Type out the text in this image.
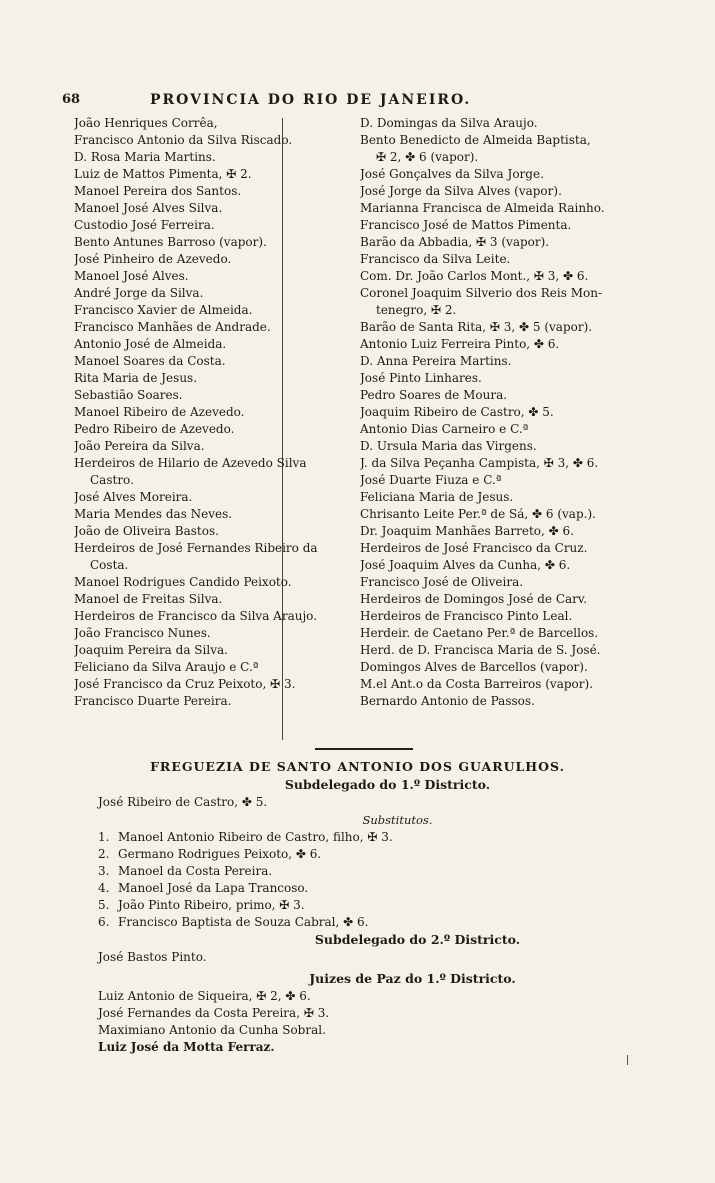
68	PROVINCIA DO RIO DE JANEIRO.
João Henriques Corrêa,
Francisco Antonio da Silva Riscado.
D. Rosa Maria Martins.
Luiz de Mattos Pimenta, ✠ 2.
Manoel Pereira dos Santos.
Manoel José Alves Silva.
Custodio José Ferreira.
Bento Antunes Barroso (vapor).
José Pinheiro de Azevedo.
Manoel José Alves.
André Jorge da Silva.
Francisco Xavier de Almeida.
Francisco Manhães de Andrade.
Antonio José de Almeida.
Manoel Soares da Costa.
Rita Maria de Jesus.
Sebastião Soares.
Manoel Ribeiro de Azevedo.
Pedro Ribeiro de Azevedo.
João Pereira da Silva.
Herdeiros de Hilario de Azevedo Silva
Castro.
José Alves Moreira.
Maria Mendes das Neves.
João de Oliveira Bastos.
Herdeiros de José Fernandes Ribeiro da
Costa.
Manoel Rodrigues Candido Peixoto.
Manoel de Freitas Silva.
Herdeiros de Francisco da Silva Araujo.
João Francisco Nunes.
Joaquim Pereira da Silva.
Feliciano da Silva Araujo e C.ª
José Francisco da Cruz Peixoto, ✠ 3.
Francisco Duarte Pereira.
D. Domingas da Silva Araujo.
Bento Benedicto de Almeida Baptista,
✠ 2, ✤ 6 (vapor).
José Gonçalves da Silva Jorge.
José Jorge da Silva Alves (vapor).
Marianna Francisca de Almeida Rainho.
Francisco José de Mattos Pimenta.
Barão da Abbadia, ✠ 3 (vapor).
Francisco da Silva Leite.
Com. Dr. João Carlos Mont., ✠ 3, ✤ 6.
Coronel Joaquim Silverio dos Reis Mon-
tenegro, ✠ 2.
Barão de Santa Rita, ✠ 3, ✤ 5 (vapor).
Antonio Luiz Ferreira Pinto, ✤ 6.
D. Anna Pereira Martins.
José Pinto Linhares.
Pedro Soares de Moura.
Joaquim Ribeiro de Castro, ✤ 5.
Antonio Dias Carneiro e C.ª
D. Ursula Maria das Virgens.
J. da Silva Peçanha Campista, ✠ 3, ✤ 6.
José Duarte Fiuza e C.ª
Feliciana Maria de Jesus.
Chrisanto Leite Per.ª de Sá, ✤ 6 (vap.).
Dr. Joaquim Manhães Barreto, ✤ 6.
Herdeiros de José Francisco da Cruz.
José Joaquim Alves da Cunha, ✤ 6.
Francisco José de Oliveira.
Herdeiros de Domingos José de Carv.
Herdeiros de Francisco Pinto Leal.
Herdeir. de Caetano Per.ª de Barcellos.
Herd. de D. Francisca Maria de S. José.
Domingos Alves de Barcellos (vapor).
M.el Ant.o da Costa Barreiros (vapor).
Bernardo Antonio de Passos.
FREGUEZIA DE SANTO ANTONIO DOS GUARULHOS.
Subdelegado do 1.º Districto.
José Ribeiro de Castro, ✤ 5.
Substitutos.
1. Manoel Antonio Ribeiro de Castro, filho, ✠ 3.
2. Germano Rodrigues Peixoto, ✤ 6.
3. Manoel da Costa Pereira.
4. Manoel José da Lapa Trancoso.
5. João Pinto Ribeiro, primo, ✠ 3.
6. Francisco Baptista de Souza Cabral, ✤ 6.
Subdelegado do 2.º Districto.
José Bastos Pinto.
Juizes de Paz do 1.º Districto.
Luiz Antonio de Siqueira, ✠ 2, ✤ 6.
José Fernandes da Costa Pereira, ✠ 3.
Maximiano Antonio da Cunha Sobral.
Luiz José da Motta Ferraz.
